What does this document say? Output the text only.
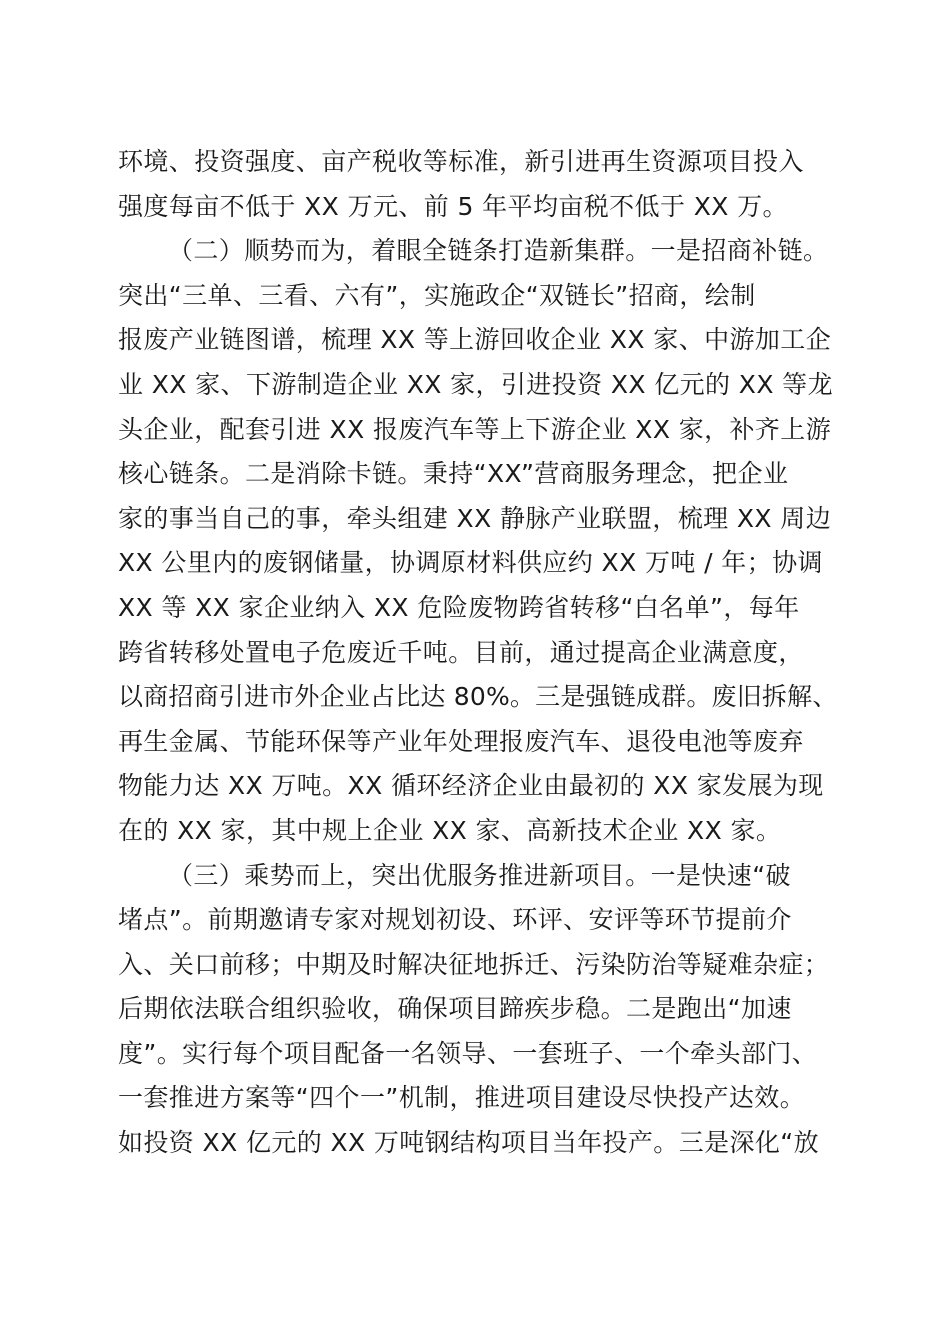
环境、投资强度、亩产税收等标准，新引进再生资源项目投入
强度每亩不低于 XX 万元、前 5 年平均亩税不低于 XX 万。
（二）顺势而为，着眼全链条打造新集群。一是招商补链。
突出“三单、三看、六有”，实施政企“双链长”招商，绘制
报废产业链图谱，梳理 XX 等上游回收企业 XX 家、中游加工企
业 XX 家、下游制造企业 XX 家，引进投资 XX 亿元的 XX 等龙
头企业，配套引进 XX 报废汽车等上下游企业 XX 家，补齐上游
核心链条。二是消除卡链。秉持“XX”营商服务理念，把企业
家的事当自己的事，牵头组建 XX 静脉产业联盟，梳理 XX 周边
XX 公里内的废钢储量，协调原材料供应约 XX 万吨 / 年；协调
XX 等 XX 家企业纳入 XX 危险废物跨省转移“白名单”，每年
跨省转移处置电子危废近千吨。目前，通过提高企业满意度，
以商招商引进市外企业占比达 80%。三是强链成群。废旧拆解、
再生金属、节能环保等产业年处理报废汽车、退役电池等废弃
物能力达 XX 万吨。XX 循环经济企业由最初的 XX 家发展为现
在的 XX 家，其中规上企业 XX 家、高新技术企业 XX 家。
（三）乘势而上，突出优服务推进新项目。一是快速“破
堵点”。前期邀请专家对规划初设、环评、安评等环节提前介
入、关口前移；中期及时解决征地拆迁、污染防治等疑难杂症；
后期依法联合组织验收，确保项目蹄疾步稳。二是跑出“加速
度”。实行每个项目配备一名领导、一套班子、一个牵头部门、
一套推进方案等“四个一”机制，推进项目建设尽快投产达效。
如投资 XX 亿元的 XX 万吨钢结构项目当年投产。三是深化“放
